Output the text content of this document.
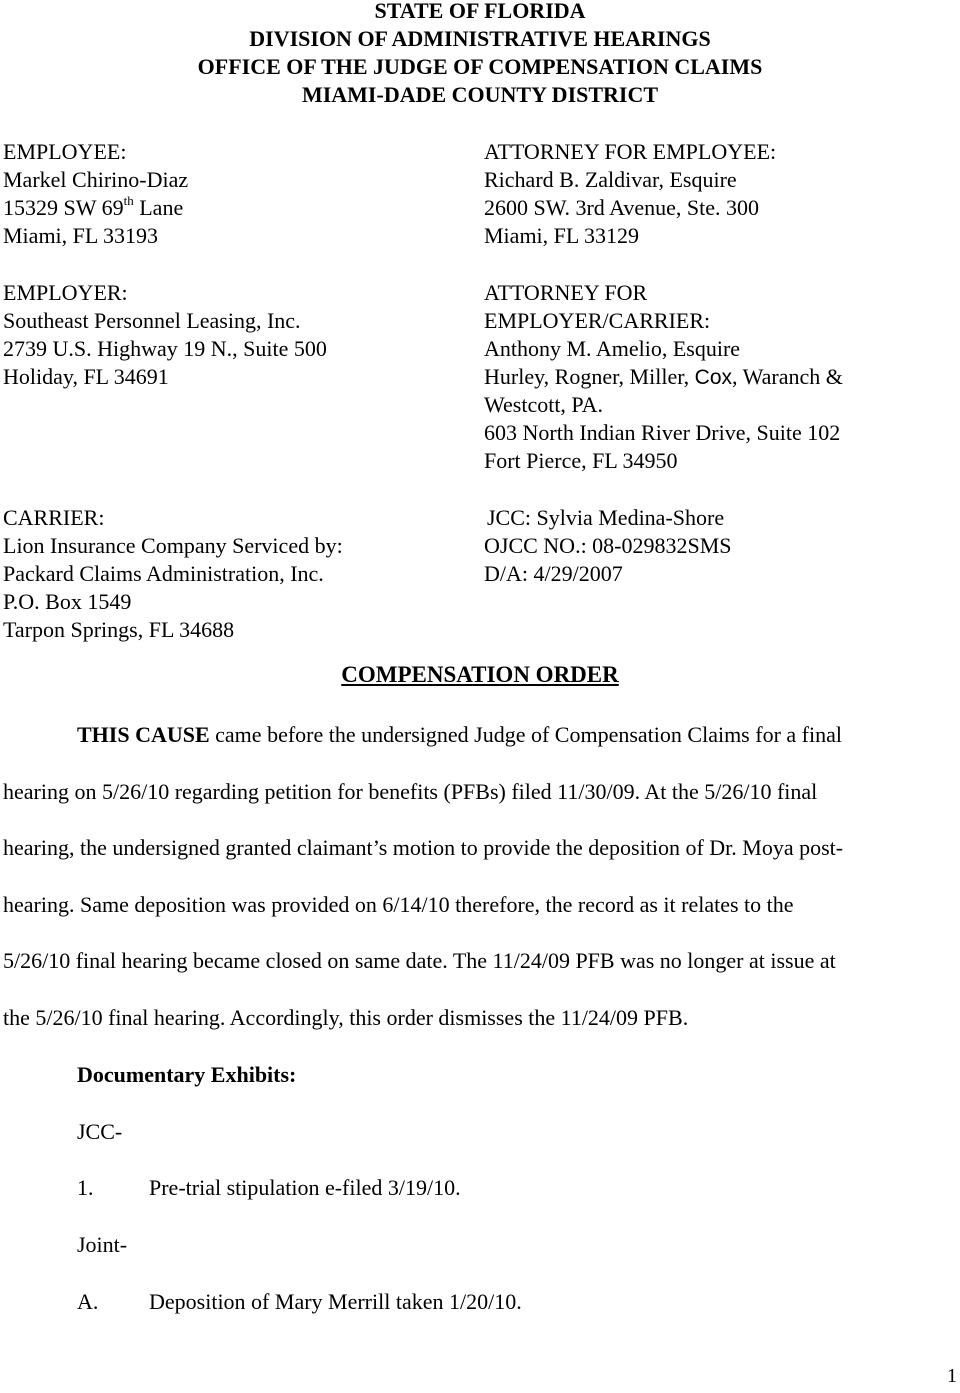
STATE OF FLORIDA
DIVISION OF ADMINISTRATIVE HEARINGS
OFFICE OF THE JUDGE OF COMPENSATION CLAIMS
MIAMI-DADE COUNTY DISTRICT
EMPLOYEE:
Markel Chirino-Diaz
15329 SW 69th Lane
Miami, FL 33193
ATTORNEY FOR EMPLOYEE:
Richard B. Zaldivar, Esquire
2600 SW. 3rd Avenue, Ste. 300
Miami, FL 33129
EMPLOYER:
Southeast Personnel Leasing, Inc.
2739 U.S. Highway 19 N., Suite 500
Holiday, FL 34691
ATTORNEY FOR
EMPLOYER/CARRIER:
Anthony M. Amelio, Esquire
Hurley, Rogner, Miller, Cox, Waranch &
Westcott, PA.
603 North Indian River Drive, Suite 102
Fort Pierce, FL 34950
CARRIER:
Lion Insurance Company Serviced by:
Packard Claims Administration, Inc.
P.O. Box 1549
Tarpon Springs, FL 34688
JCC: Sylvia Medina-Shore
OJCC NO.: 08-029832SMS
D/A: 4/29/2007
COMPENSATION ORDER
THIS CAUSE came before the undersigned Judge of Compensation Claims for a final
hearing on 5/26/10 regarding petition for benefits (PFBs) filed 11/30/09. At the 5/26/10 final
hearing, the undersigned granted claimant’s motion to provide the deposition of Dr. Moya post-
hearing. Same deposition was provided on 6/14/10 therefore, the record as it relates to the
5/26/10 final hearing became closed on same date. The 11/24/09 PFB was no longer at issue at
the 5/26/10 final hearing. Accordingly, this order dismisses the 11/24/09 PFB.
Documentary Exhibits:
JCC-
1.	Pre-trial stipulation e-filed 3/19/10.
Joint-
A. Deposition of Mary Merrill taken 1/20/10.
1
